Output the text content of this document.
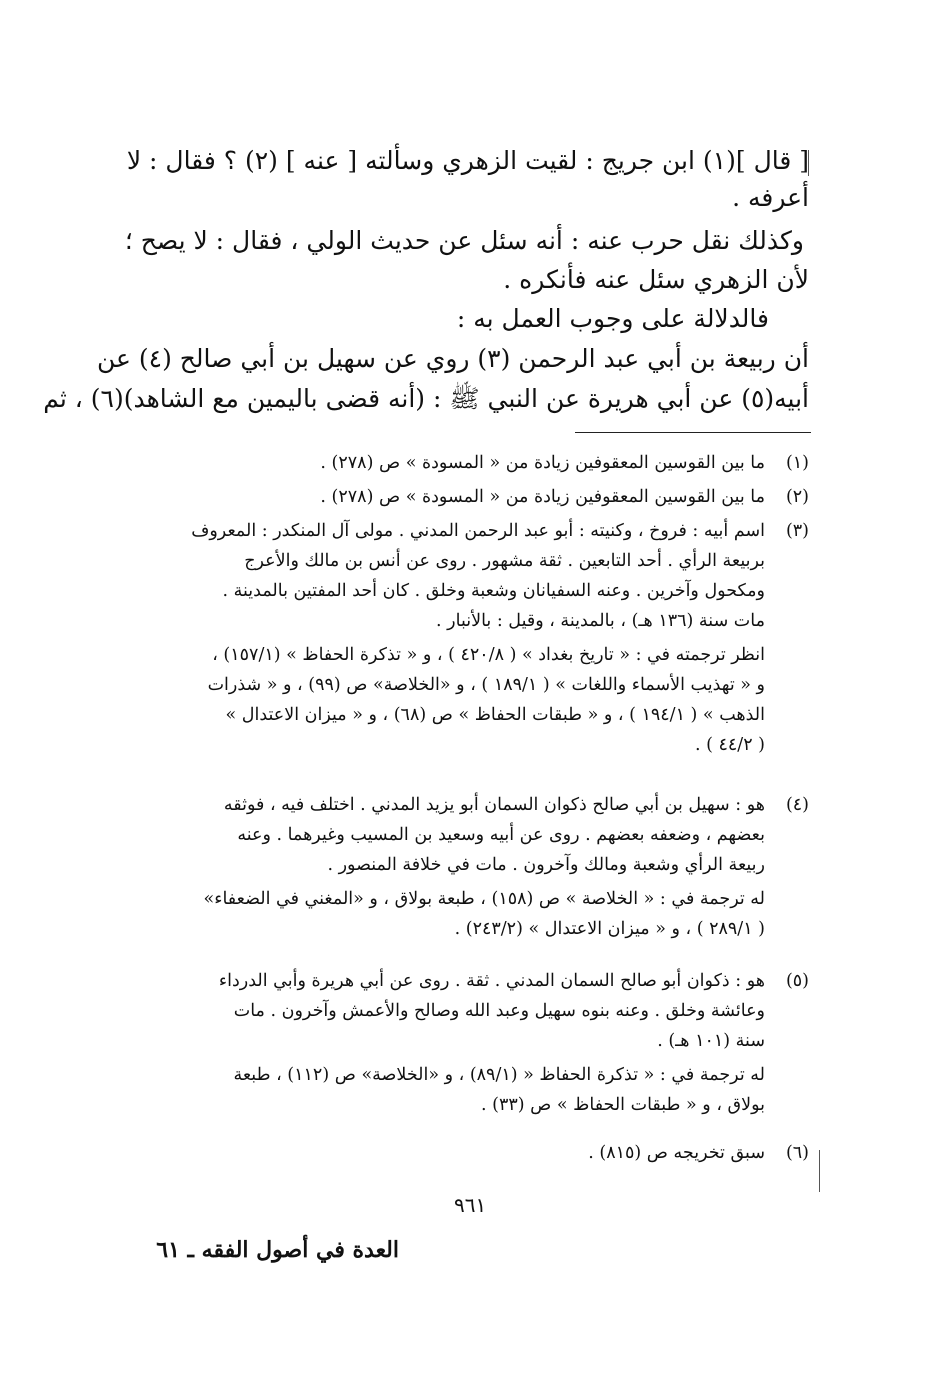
[ قال ](١) ابن جريج : لقيت الزهري وسألته [ عنه ] (٢) ؟ فقال : لا
أعرفه .
وكذلك نقل حرب عنه : أنه سئل عن حديث الولي ، فقال : لا يصح ؛
لأن الزهري سئل عنه فأنكره .
فالدلالة على وجوب العمل به :
أن ربيعة بن أبي عبد الرحمن (٣) روي عن سهيل بن أبي صالح (٤) عن
أبيه(٥) عن أبي هريرة عن النبي ﷺ : (أنه قضى باليمين مع الشاهد)(٦) ، ثم
(١)
ما بين القوسين المعقوفين زيادة من « المسودة » ص (٢٧٨) .
(٢)
ما بين القوسين المعقوفين زيادة من « المسودة » ص (٢٧٨) .
(٣)
اسم أبيه : فروخ ، وكنيته : أبو عبد الرحمن المدني . مولى آل المنكدر : المعروف
بربيعة الرأي . أحد التابعين . ثقة مشهور . روى عن أنس بن مالك والأعرج
ومكحول وآخرين . وعنه السفيانان وشعبة وخلق . كان أحد المفتين بالمدينة .
مات سنة (١٣٦ هـ) ، بالمدينة ، وقيل : بالأنبار .
انظر ترجمته في : « تاريخ بغداد » ( ٤٢٠/٨ ) ، و « تذكرة الحفاظ » (١٥٧/١) ،
و « تهذيب الأسماء واللغات » ( ١٨٩/١ ) ، و «الخلاصة» ص (٩٩) ، و « شذرات
الذهب » ( ١٩٤/١ ) ، و « طبقات الحفاظ » ص (٦٨) ، و « ميزان الاعتدال »
( ٤٤/٢ ) .
(٤)
هو : سهيل بن أبي صالح ذكوان السمان أبو يزيد المدني . اختلف فيه ، فوثقه
بعضهم ، وضعفه بعضهم . روى عن أبيه وسعيد بن المسيب وغيرهما . وعنه
ربيعة الرأي وشعبة ومالك وآخرون . مات في خلافة المنصور .
له ترجمة في : « الخلاصة » ص (١٥٨) ، طبعة بولاق ، و «المغني في الضعفاء»
( ٢٨٩/١ ) ، و « ميزان الاعتدال » (٢٤٣/٢) .
(٥)
هو : ذكوان أبو صالح السمان المدني . ثقة . روى عن أبي هريرة وأبي الدرداء
وعائشة وخلق . وعنه بنوه سهيل وعبد الله وصالح والأعمش وآخرون . مات
سنة (١٠١ هـ) .
له ترجمة في : « تذكرة الحفاظ « (٨٩/١) ، و «الخلاصة» ص (١١٢) ، طبعة
بولاق ، و « طبقات الحفاظ » ص (٣٣) .
(٦)
سبق تخريجه ص (٨١٥) .
٩٦١
العدة في أصول الفقه ـ ٦١
